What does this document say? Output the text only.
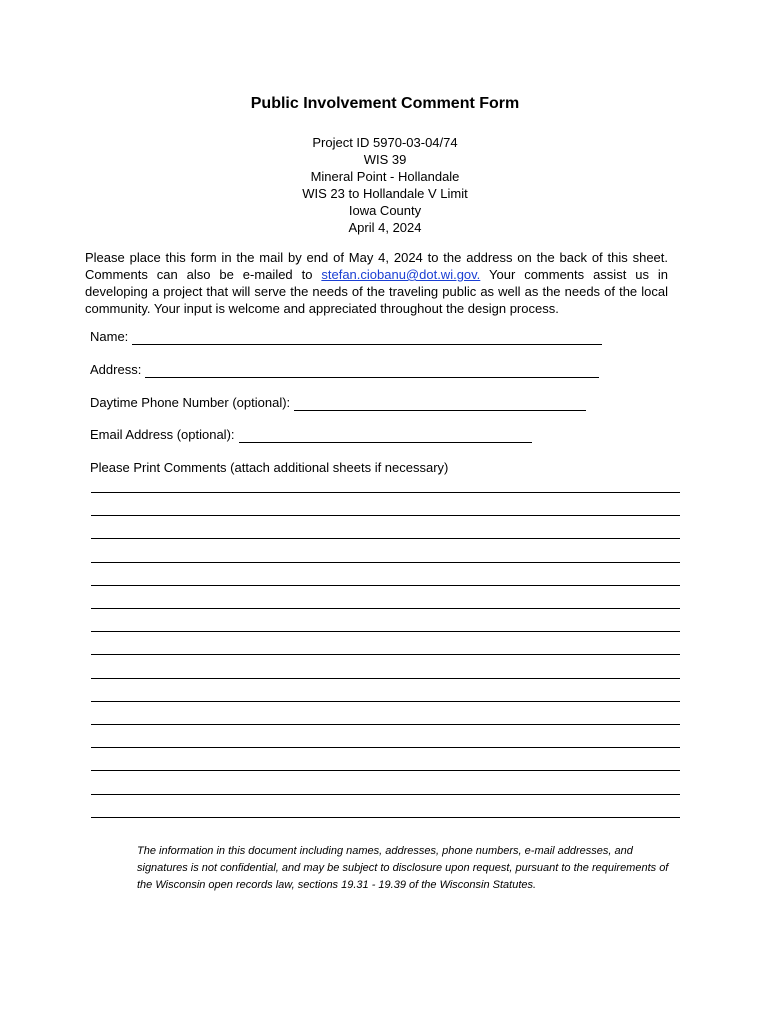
Public Involvement Comment Form
Project ID 5970-03-04/74
WIS 39
Mineral Point - Hollandale
WIS 23 to Hollandale V Limit
Iowa County
April 4, 2024
Please place this form in the mail by end of May 4, 2024 to the address on the back of this sheet. Comments can also be e-mailed to stefan.ciobanu@dot.wi.gov. Your comments assist us in developing a project that will serve the needs of the traveling public as well as the needs of the local community. Your input is welcome and appreciated throughout the design process.
Name:
Address:
Daytime Phone Number (optional):
Email Address (optional):
Please Print Comments (attach additional sheets if necessary)
The information in this document including names, addresses, phone numbers, e-mail addresses, and signatures is not confidential, and may be subject to disclosure upon request, pursuant to the requirements of the Wisconsin open records law, sections 19.31 - 19.39 of the Wisconsin Statutes.
